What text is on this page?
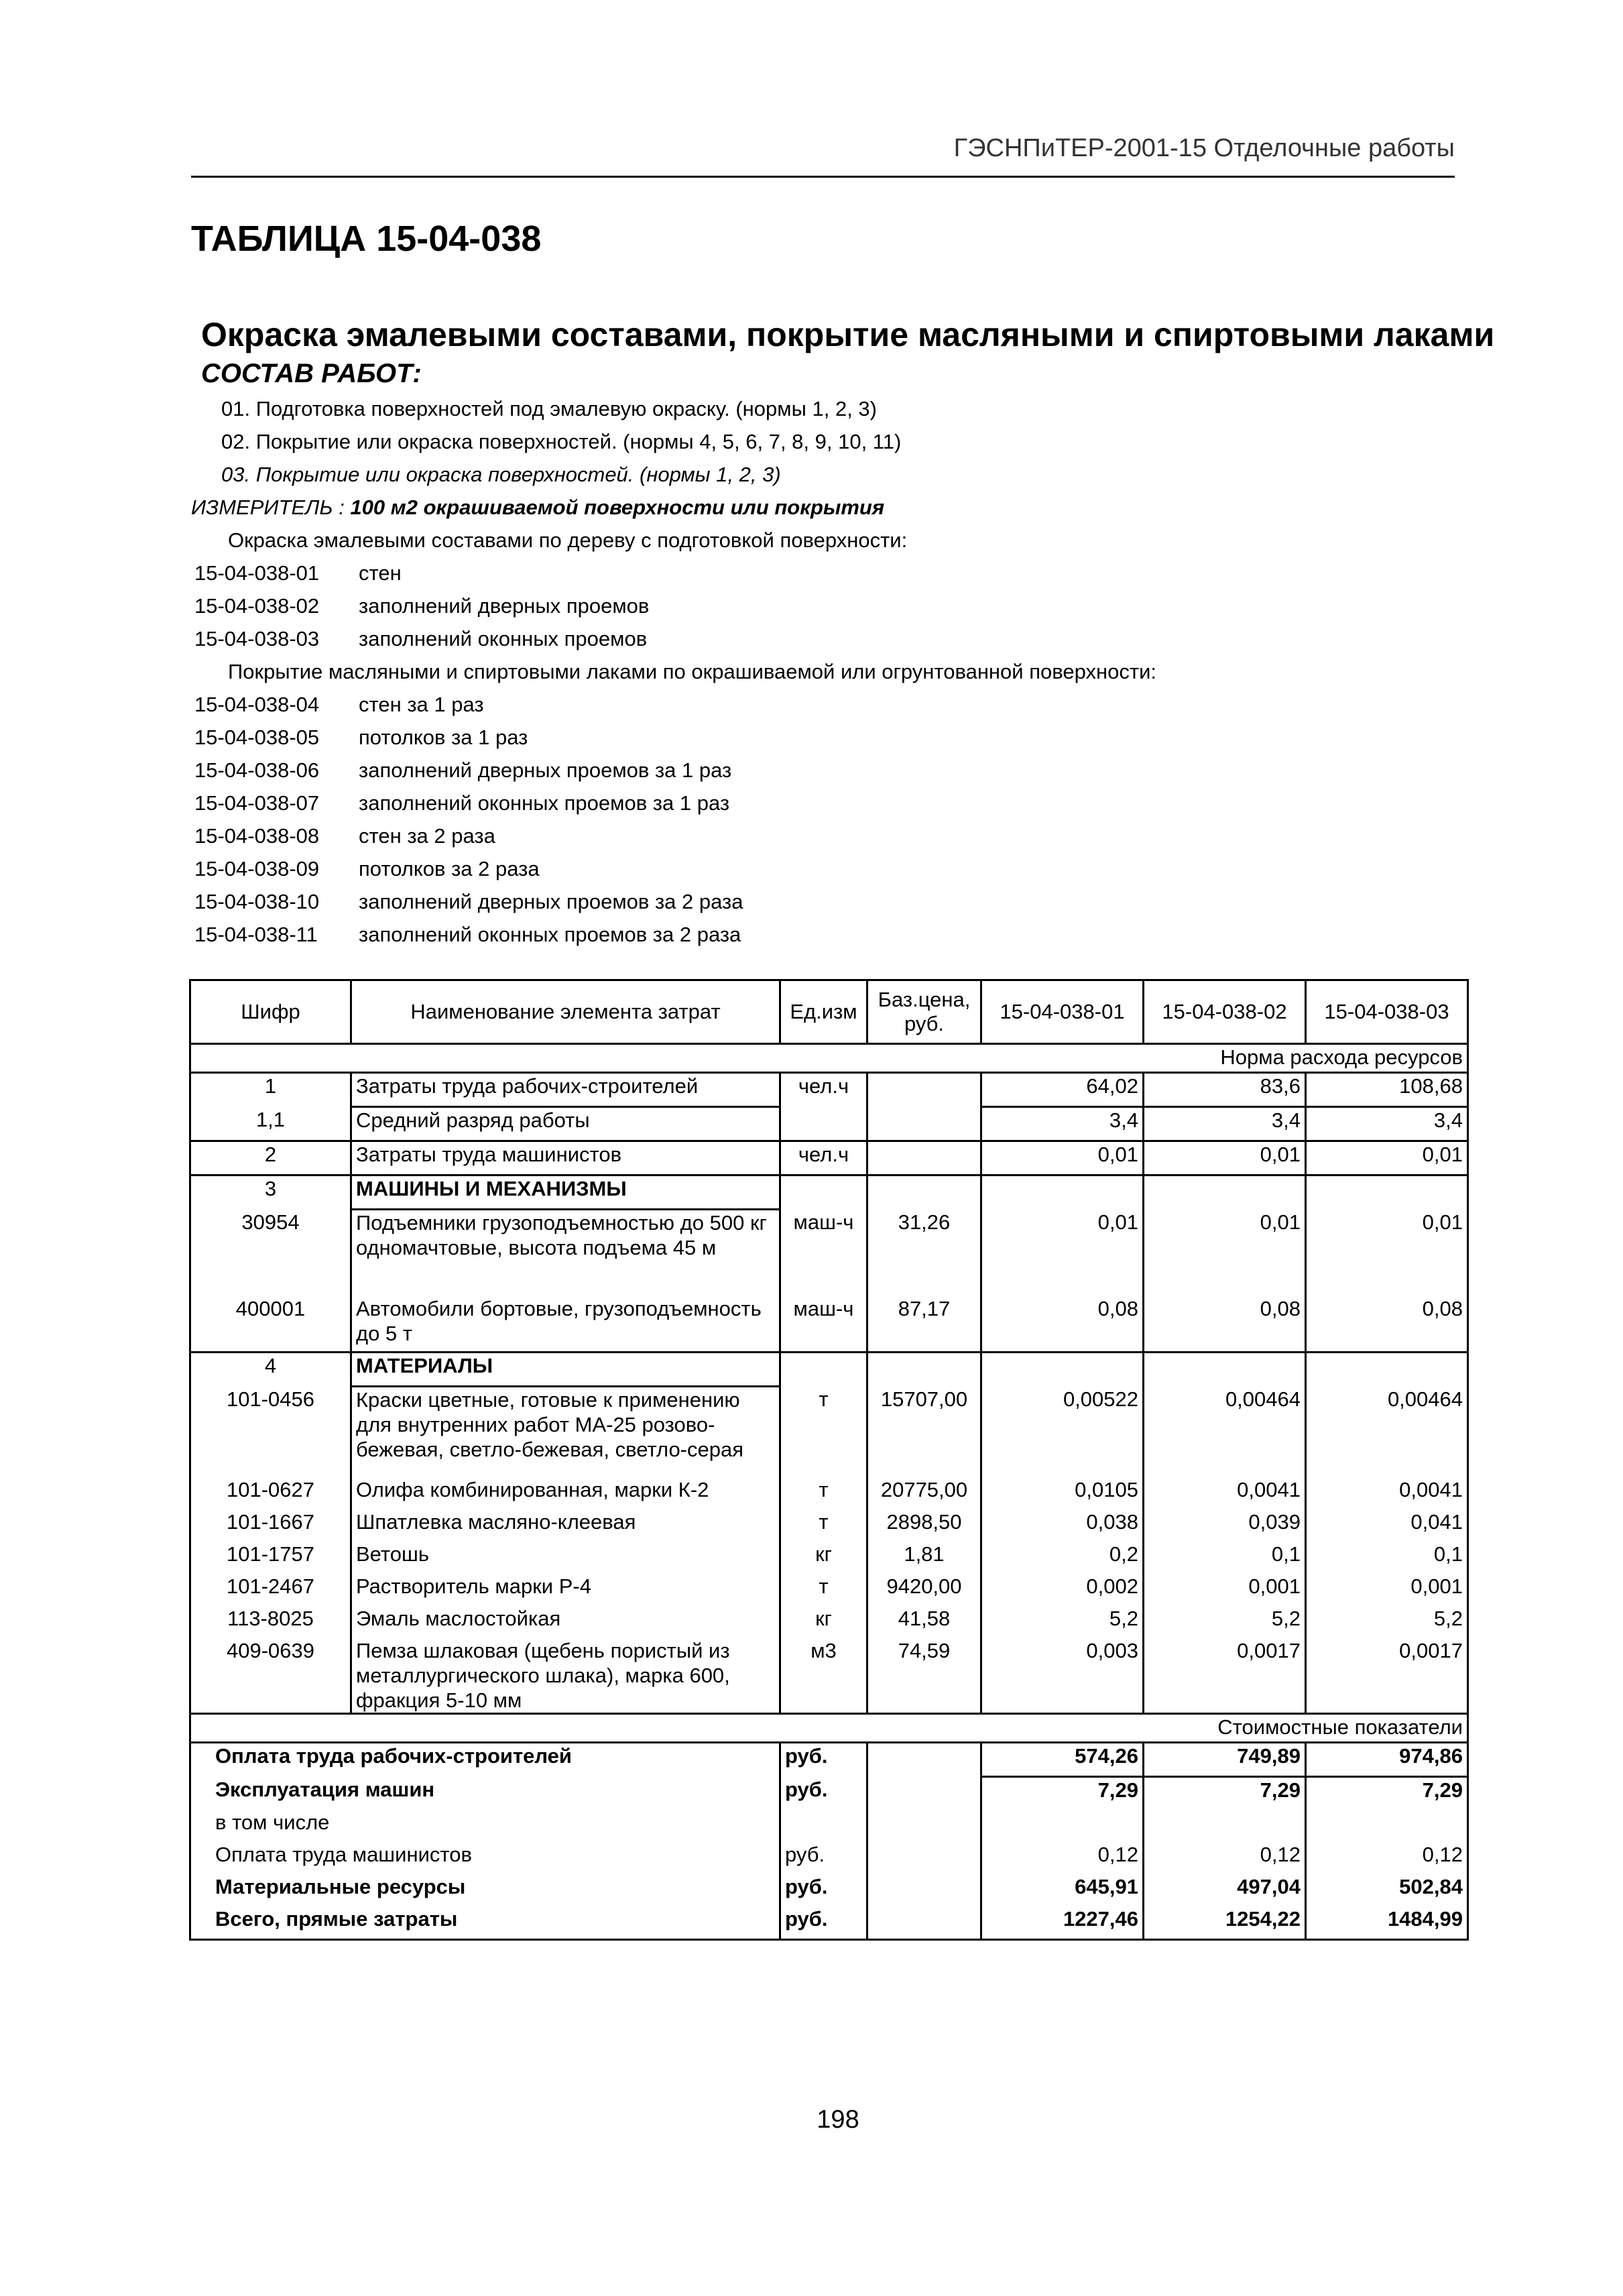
ГЭСНПиТЕР-2001-15 Отделочные работы
ТАБЛИЦА 15-04-038
Окраска эмалевыми составами, покрытие масляными и спиртовыми лаками
СОСТАВ РАБОТ:
01. Подготовка поверхностей под эмалевую окраску. (нормы 1, 2, 3)
02. Покрытие или окраска поверхностей. (нормы 4, 5, 6, 7, 8, 9, 10, 11)
03. Покрытие или окраска поверхностей. (нормы 1, 2, 3)
ИЗМЕРИТЕЛЬ : 100 м2 окрашиваемой поверхности или покрытия
Окраска эмалевыми составами по дереву с подготовкой поверхности:
15-04-038-01 стен
15-04-038-02 заполнений дверных проемов
15-04-038-03 заполнений оконных проемов
Покрытие масляными и спиртовыми лаками по окрашиваемой или огрунтованной поверхности:
15-04-038-04 стен за 1 раз
15-04-038-05 потолков за 1 раз
15-04-038-06 заполнений дверных проемов за 1 раз
15-04-038-07 заполнений оконных проемов за 1 раз
15-04-038-08 стен за 2 раза
15-04-038-09 потолков за 2 раза
15-04-038-10 заполнений дверных проемов за 2 раза
15-04-038-11 заполнений оконных проемов за 2 раза
Шифр	Наименование элемента затрат	Ед.изм	Баз.цена, руб.	15-04-038-01	15-04-038-02	15-04-038-03
				Норма расхода ресурсов		
1	Затраты труда рабочих-строителей	чел.ч		64,02	83,6	108,68
1,1	Средний разряд работы			3,4	3,4	3,4
2	Затраты труда машинистов	чел.ч		0,01	0,01	0,01
3	МАШИНЫ И МЕХАНИЗМЫ					
30954	Подъемники грузоподъемностью до 500 кг одномачтовые, высота подъема 45 м	маш-ч	31,26	0,01	0,01	0,01
400001	Автомобили бортовые, грузоподъемность до 5 т	маш-ч	87,17	0,08	0,08	0,08
4	МАТЕРИАЛЫ					
101-0456	Краски цветные, готовые к применению для внутренних работ МА-25 розово-бежевая, светло-бежевая, светло-серая	т	15707,00	0,00522	0,00464	0,00464
101-0627	Олифа комбинированная, марки К-2	т	20775,00	0,0105	0,0041	0,0041
101-1667	Шпатлевка масляно-клеевая	т	2898,50	0,038	0,039	0,041
101-1757	Ветошь	кг	1,81	0,2	0,1	0,1
101-2467	Растворитель марки Р-4	т	9420,00	0,002	0,001	0,001
113-8025	Эмаль маслостойкая	кг	41,58	5,2	5,2	5,2
409-0639	Пемза шлаковая (щебень пористый из металлургического шлака), марка 600, фракция 5-10 мм	м3	74,59	0,003	0,0017	0,0017
				Стоимостные показатели		
Оплата труда рабочих-строителей		руб.		574,26	749,89	974,86
Эксплуатация машин		руб.		7,29	7,29	7,29
в том числе						
Оплата труда машинистов		руб.		0,12	0,12	0,12
Материальные ресурсы		руб.		645,91	497,04	502,84
Всего, прямые затраты		руб.		1227,46	1254,22	1484,99
198
